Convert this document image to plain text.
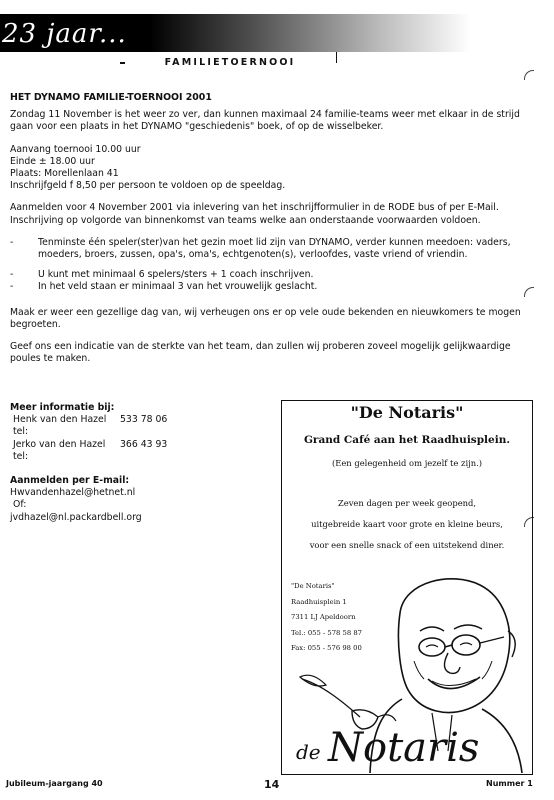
23 jaar...
FAMILIETOERNOOI

HET DYNAMO FAMILIE-TOERNOOI 2001

Zondag 11 November is het weer zo ver, dan kunnen maximaal 24 familie-teams weer met elkaar in de strijd gaan voor een plaats in het DYNAMO "geschiedenis" boek, of op de wisselbeker.

Aanvang toernooi 10.00 uur

Einde ± 18.00 uur

Plaats: Morellenlaan 41

Inschrijfgeld f 8,50 per persoon te voldoen op de speeldag.

Aanmelden voor 4 November 2001 via inlevering van het inschrijfformulier in de RODE bus of per E-Mail. Inschrijving op volgorde van binnenkomst van teams welke aan onderstaande voorwaarden voldoen.

-	Tenminste één speler(ster)van het gezin moet lid zijn van DYNAMO, verder kunnen meedoen: vaders, moeders, broers, zussen, opa's, oma's, echtgenoten(s), verloofdes, vaste vriend of vriendin.
-	U kunt met minimaal 6 spelers/sters + 1 coach inschrijven.
-	In het veld staan er minimaal 3 van het vrouwelijk geslacht.

Maak er weer een gezellige dag van, wij verheugen ons er op vele oude bekenden en nieuwkomers te mogen begroeten.

Geef ons een indicatie van de sterkte van het team, dan zullen wij proberen zoveel mogelijk gelijkwaardige poules te maken.

Meer informatie bij:

Henk van den Hazel tel:
533 78 06
Jerko van den Hazel tel:
366 43 93

Aanmelden per E-mail:

Hwvandenhazel@hetnet.nl

Of:

jvdhazel@nl.packardbell.org

"De Notaris"
Grand Café aan het Raadhuisplein.
(Een gelegenheid om jezelf te zijn.)
Zeven dagen per week geopend,
uitgebreide kaart voor grote en kleine beurs,
voor een snelle snack of een uitstekend diner.
"De Notaris"
Raadhuisplein 1
7311 LJ Apeldoorn
Tel.: 055 - 578 58 87
Fax: 055 - 576 98 00
de Notaris
Jubileum-jaargang 40	14	Nummer 1
